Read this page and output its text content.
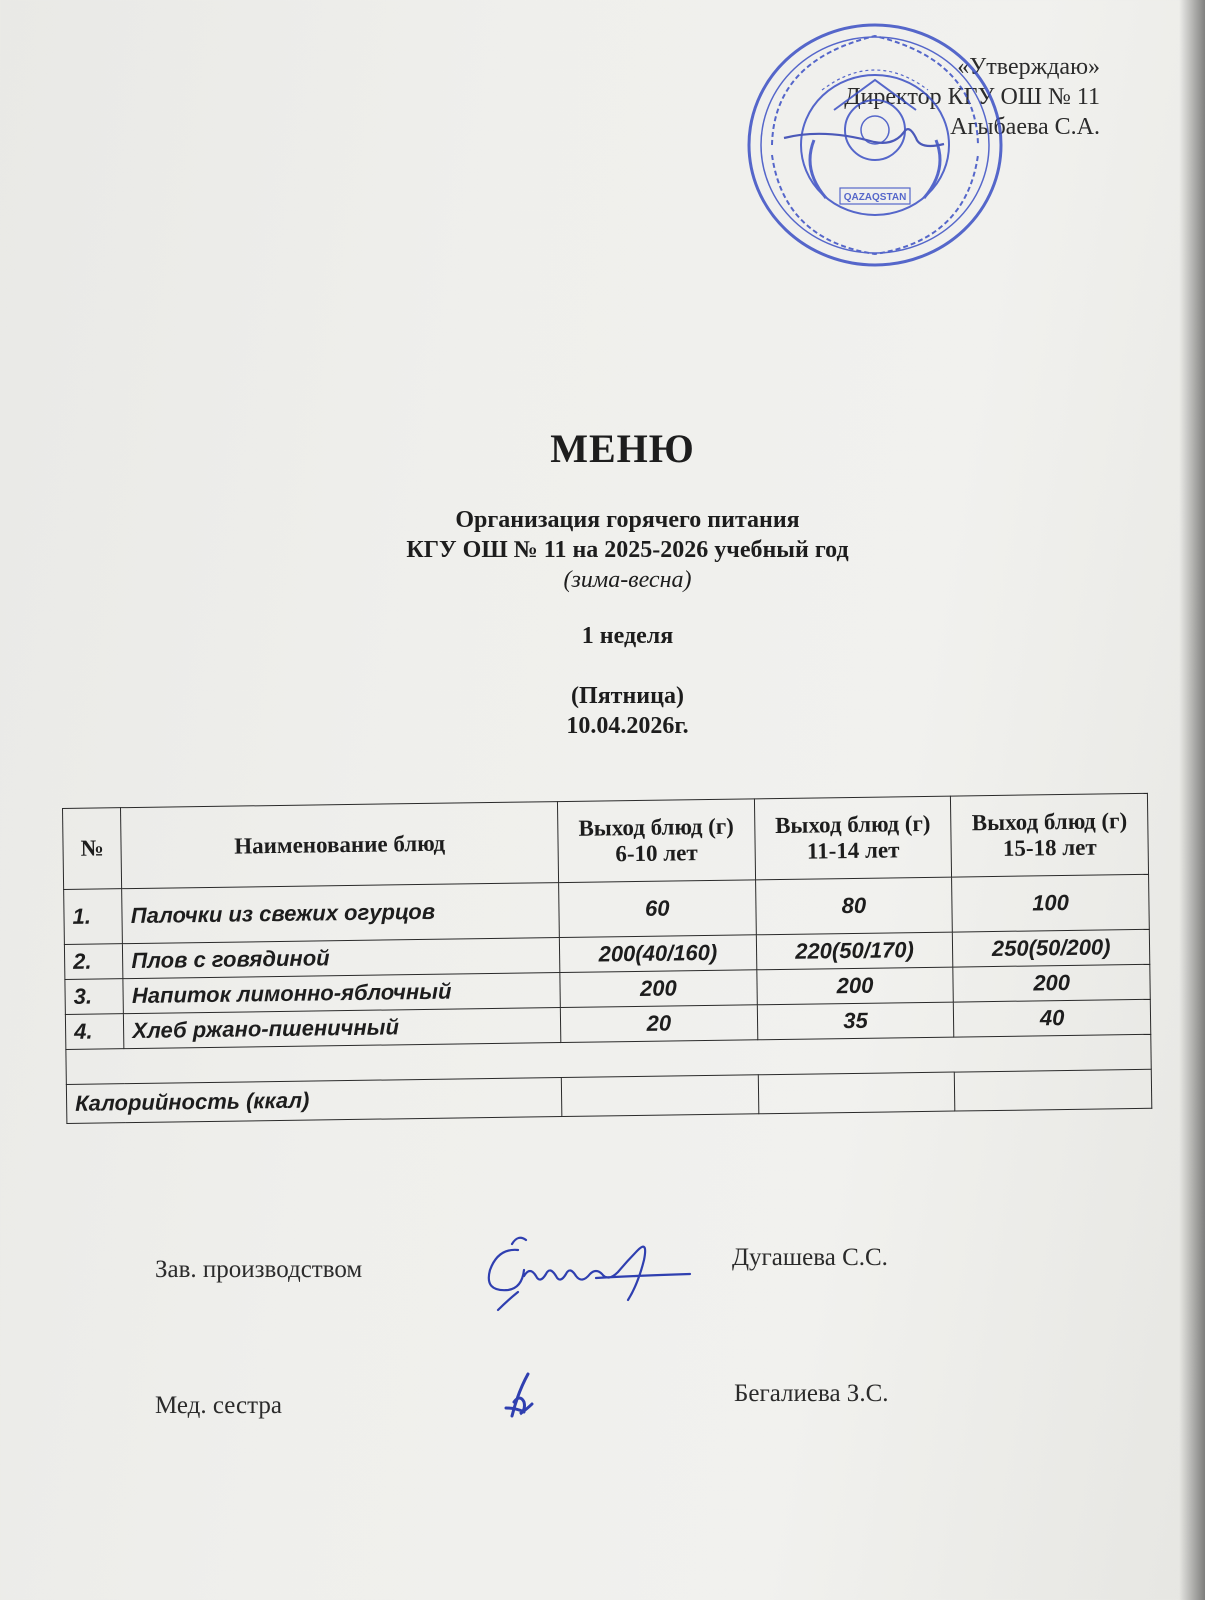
«Утверждаю»
Директор КГУ ОШ № 11
Агыбаева С.А.
QAZAQSTAN
МЕНЮ
Организация горячего питания
КГУ ОШ № 11 на 2025-2026 учебный год
(зима-весна)
1 неделя
(Пятница)
10.04.2026г.
№	Наименование блюд	Выход блюд (г) 6-10 лет	Выход блюд (г) 11-14 лет	Выход блюд (г) 15-18 лет
1.	Палочки из свежих огурцов	60	80	100
2.	Плов с говядиной	200(40/160)	220(50/170)	250(50/200)
3.	Напиток лимонно-яблочный	200	200	200
4.	Хлеб ржано-пшеничный	20	35	40

Калорийность (ккал)				
Зав. производством	Дугашева С.С.
Мед. сестра	Бегалиева З.С.
